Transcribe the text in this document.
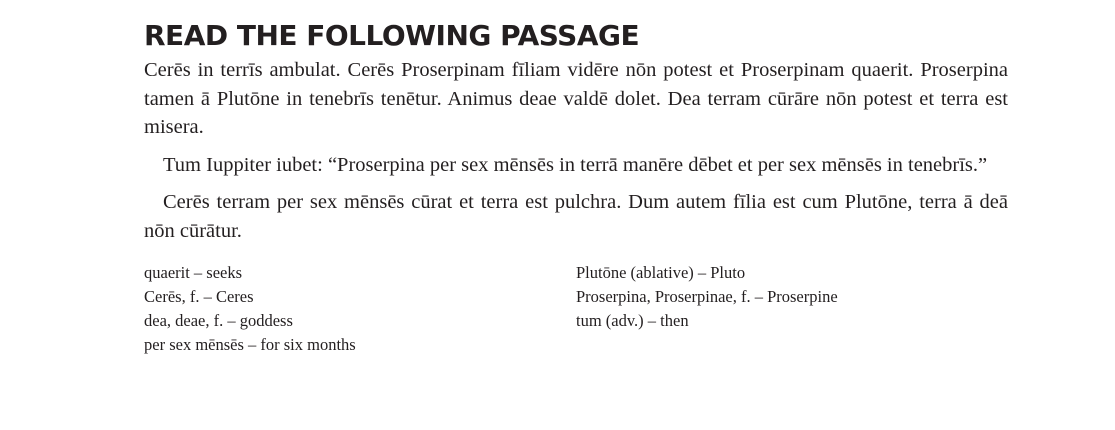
READ THE FOLLOWING PASSAGE

Cerēs in terrīs ambulat. Cerēs Proserpinam fīliam vidēre nōn potest et Proserpinam quaerit. Proserpina tamen ā Plutōne in tenebrīs tenētur. Animus deae valdē dolet. Dea terram cūrāre nōn potest et terra est misera.

Tum Iuppiter iubet: “Proserpina per sex mēnsēs in terrā manēre dēbet et per sex mēnsēs in tenebrīs.”

Cerēs terram per sex mēnsēs cūrat et terra est pulchra. Dum autem fīlia est cum Plutōne, terra ā deā nōn cūrātur.

quaerit – seeks
Cerēs, f. – Ceres
dea, deae, f. – goddess
per sex mēnsēs – for six months
Plutōne (ablative) – Pluto
Proserpina, Proserpinae, f. – Proserpine
tum (adv.) – then
